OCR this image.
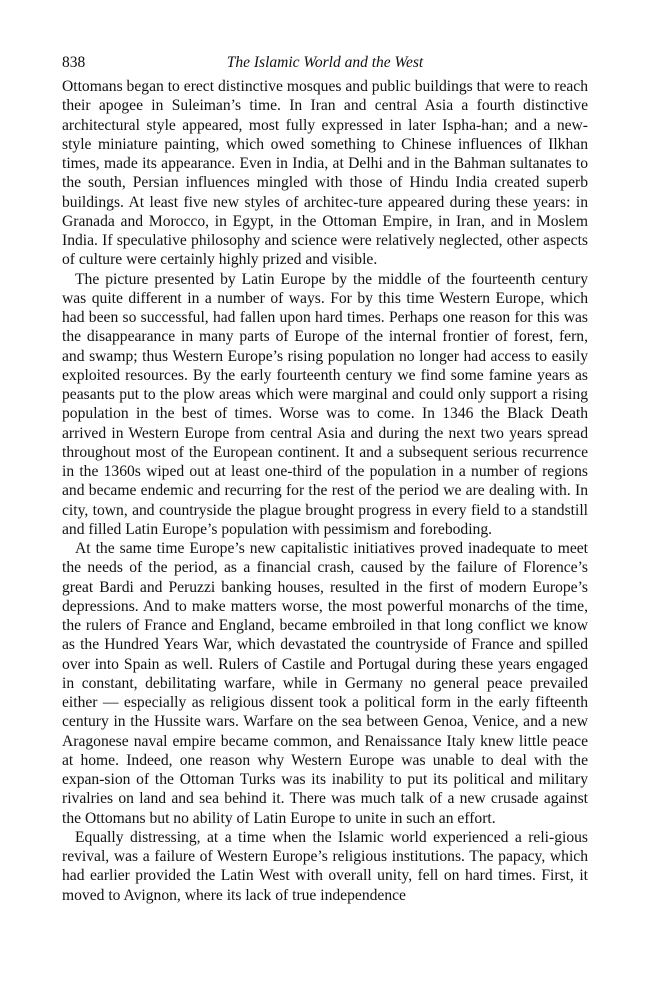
838	The Islamic World and the West

Ottomans began to erect distinctive mosques and public buildings that were to reach their apogee in Suleiman’s time. In Iran and central Asia a fourth distinctive architectural style appeared, most fully expressed in later Ispha-han; and a new-style miniature painting, which owed something to Chinese influences of Ilkhan times, made its appearance. Even in India, at Delhi and in the Bahman sultanates to the south, Persian influences mingled with those of Hindu India created superb buildings. At least five new styles of architec-ture appeared during these years: in Granada and Morocco, in Egypt, in the Ottoman Empire, in Iran, and in Moslem India. If speculative philosophy and science were relatively neglected, other aspects of culture were certainly highly prized and visible.

The picture presented by Latin Europe by the middle of the fourteenth century was quite different in a number of ways. For by this time Western Europe, which had been so successful, had fallen upon hard times. Perhaps one reason for this was the disappearance in many parts of Europe of the internal frontier of forest, fern, and swamp; thus Western Europe’s rising population no longer had access to easily exploited resources. By the early fourteenth century we find some famine years as peasants put to the plow areas which were marginal and could only support a rising population in the best of times. Worse was to come. In 1346 the Black Death arrived in Western Europe from central Asia and during the next two years spread throughout most of the European continent. It and a subsequent serious recurrence in the 1360s wiped out at least one-third of the population in a number of regions and became endemic and recurring for the rest of the period we are dealing with. In city, town, and countryside the plague brought progress in every field to a standstill and filled Latin Europe’s population with pessimism and foreboding.

At the same time Europe’s new capitalistic initiatives proved inadequate to meet the needs of the period, as a financial crash, caused by the failure of Florence’s great Bardi and Peruzzi banking houses, resulted in the first of modern Europe’s depressions. And to make matters worse, the most powerful monarchs of the time, the rulers of France and England, became embroiled in that long conflict we know as the Hundred Years War, which devastated the countryside of France and spilled over into Spain as well. Rulers of Castile and Portugal during these years engaged in constant, debilitating warfare, while in Germany no general peace prevailed either — especially as religious dissent took a political form in the early fifteenth century in the Hussite wars. Warfare on the sea between Genoa, Venice, and a new Aragonese naval empire became common, and Renaissance Italy knew little peace at home. Indeed, one reason why Western Europe was unable to deal with the expan-sion of the Ottoman Turks was its inability to put its political and military rivalries on land and sea behind it. There was much talk of a new crusade against the Ottomans but no ability of Latin Europe to unite in such an effort.

Equally distressing, at a time when the Islamic world experienced a reli-gious revival, was a failure of Western Europe’s religious institutions. The papacy, which had earlier provided the Latin West with overall unity, fell on hard times. First, it moved to Avignon, where its lack of true independence
